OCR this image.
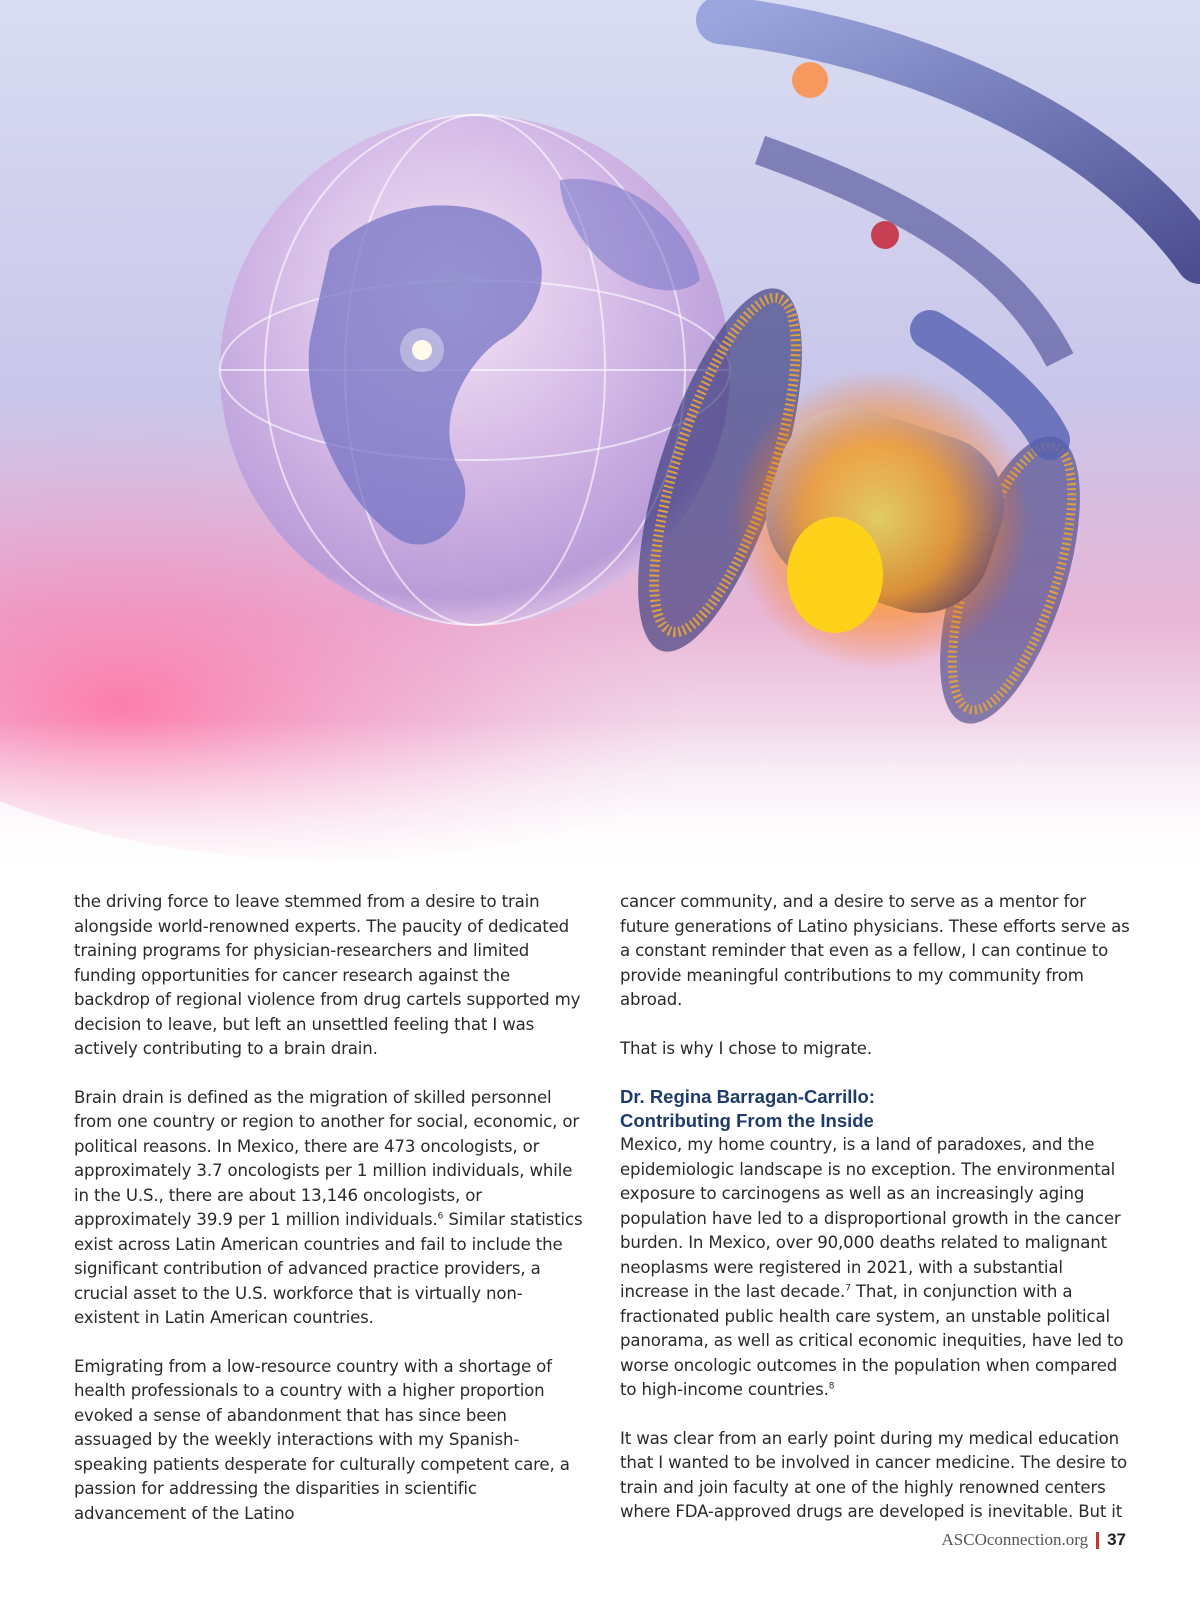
the driving force to leave stemmed from a desire to train alongside world-renowned experts. The paucity of dedicated training programs for physician-researchers and limited funding opportunities for cancer research against the backdrop of regional violence from drug cartels supported my decision to leave, but left an unsettled feeling that I was actively contributing to a brain drain.

Brain drain is defined as the migration of skilled personnel from one country or region to another for social, economic, or political reasons. In Mexico, there are 473 oncologists, or approximately 3.7 oncologists per 1 million individuals, while in the U.S., there are about 13,146 oncologists, or approximately 39.9 per 1 million individuals.$^6$ Similar statistics exist across Latin American countries and fail to include the significant contribution of advanced practice providers, a crucial asset to the U.S. workforce that is virtually non-existent in Latin American countries.

Emigrating from a low-resource country with a shortage of health professionals to a country with a higher proportion evoked a sense of abandonment that has since been assuaged by the weekly interactions with my Spanish-speaking patients desperate for culturally competent care, a passion for addressing the disparities in scientific advancement of the Latino

cancer community, and a desire to serve as a mentor for future generations of Latino physicians. These efforts serve as a constant reminder that even as a fellow, I can continue to provide meaningful contributions to my community from abroad.

That is why I chose to migrate.

Dr. Regina Barragan-Carrillo:
Contributing From the Inside

Mexico, my home country, is a land of paradoxes, and the epidemiologic landscape is no exception. The environmental exposure to carcinogens as well as an increasingly aging population have led to a disproportional growth in the cancer burden. In Mexico, over 90,000 deaths related to malignant neoplasms were registered in 2021, with a substantial increase in the last decade.$^7$ That, in conjunction with a fractionated public health care system, an unstable political panorama, as well as critical economic inequities, have led to worse oncologic outcomes in the population when compared to high-income countries.$^8$

It was clear from an early point during my medical education that I wanted to be involved in cancer medicine. The desire to train and join faculty at one of the highly renowned centers where FDA-approved drugs are developed is inevitable. But it

ASCOconnection.org 37
